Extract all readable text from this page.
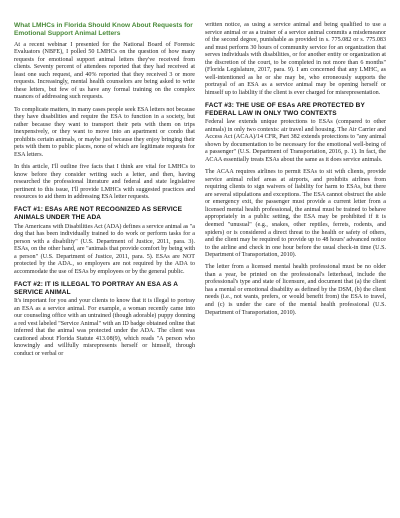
What LMHCs in Florida Should Know About Requests for Emotional Support Animal Letters

At a recent webinar I presented for the National Board of Forensic Evaluators (NBFE), I polled 50 LMHCs on the question of how many requests for emotional support animal letters they've received from clients. Seventy percent of attendees reported that they had received at least one such request, and 40% reported that they received 3 or more requests. Increasingly, mental health counselors are being asked to write these letters, but few of us have any formal training on the complex nuances of addressing such requests.

To complicate matters, in many cases people seek ESA letters not because they have disabilities and require the ESA to function in a society, but rather because they want to transport their pets with them on trips inexpensively, or they want to move into an apartment or condo that prohibits certain animals, or maybe just because they enjoy bringing their pets with them to public places, none of which are legitimate requests for ESA letters.

In this article, I'll outline five facts that I think are vital for LMHCs to know before they consider writing such a letter, and then, having researched the professional literature and federal and state legislative pertinent to this issue, I'll provide LMHCs with suggested practices and resources to aid them in addressing ESA letter requests.

FACT #1: ESAs ARE NOT RECOGNIZED AS SERVICE ANIMALS UNDER THE ADA

The Americans with Disabilities Act (ADA) defines a service animal as "a dog that has been individually trained to do work or perform tasks for a person with a disability" (U.S. Department of Justice, 2011, para. 3). ESAs, on the other hand, are "animals that provide comfort by being with a person" (U.S. Department of Justice, 2011, para. 5). ESAs are NOT protected by the ADA., so employers are not required by the ADA to accommodate the use of ESAs by employees or by the general public.

FACT #2: IT IS ILLEGAL TO PORTRAY AN ESA AS A SERVICE ANIMAL

It's important for you and your clients to know that it is illegal to portray an ESA as a service animal. For example, a woman recently came into our counseling office with an untrained (though adorable) puppy donning a red vest labeled "Service Animal" with an ID badge obtained online that inferred that the animal was protected under the ADA. The client was cautioned about Florida Statute 413.08(9), which reads "A person who knowingly and willfully misrepresents herself or himself, through conduct or verbal or

written notice, as using a service animal and being qualified to use a service animal or as a trainer of a service animal commits a misdemeanor of the second degree, punishable as provided in s. 775.082 or s. 775.083 and must perform 30 hours of community service for an organization that serves individuals with disabilities, or for another entity or organization at the discretion of the court, to be completed in not more than 6 months" (Florida Legislature, 2017, para. 9). I am concerned that any LMHC, as well-intentioned as he or she may be, who erroneously supports the portrayal of an ESA as a service animal may be opening herself or himself up to liability if the client is ever charged for misrepresentation.

FACT #3: THE USE OF ESAs ARE PROTECTED BY FEDERAL LAW IN ONLY TWO CONTEXTS

Federal law extends unique protections to ESAs (compared to other animals) in only two contexts: air travel and housing. The Air Carrier and Access Act (ACAA)/14 CFR, Part 382 extends protections to "any animal shown by documentation to be necessary for the emotional well-being of a passenger" (U.S. Department of Transportation, 2016, p. 1). In fact, the ACAA essentially treats ESAs about the same as it does service animals.

The ACAA requires airlines to permit ESAs to sit with clients, provide service animal relief areas at airports, and prohibits airlines from requiring clients to sign waivers of liability for harm to ESAs, but there are several stipulations and exceptions. The ESA cannot obstruct the aisle or emergency exit, the passenger must provide a current letter from a licensed mental health professional, the animal must be trained to behave appropriately in a public setting, the ESA may be prohibited if it is deemed "unusual" (e.g., snakes, other reptiles, ferrets, rodents, and spiders) or is considered a direct threat to the health or safety of others, and the client may be required to provide up to 48 hours' advanced notice to the airline and check in one hour before the usual check-in time (U.S. Department of Transportation, 2010).

The letter from a licensed mental health professional must be no older than a year, be printed on the professional's letterhead, include the professional's type and state of licensure, and document that (a) the client has a mental or emotional disability as defined by the DSM, (b) the client needs (i.e., not wants, prefers, or would benefit from) the ESA to travel, and (c) is under the care of the mental health professional (U.S. Department of Transportation, 2010).
